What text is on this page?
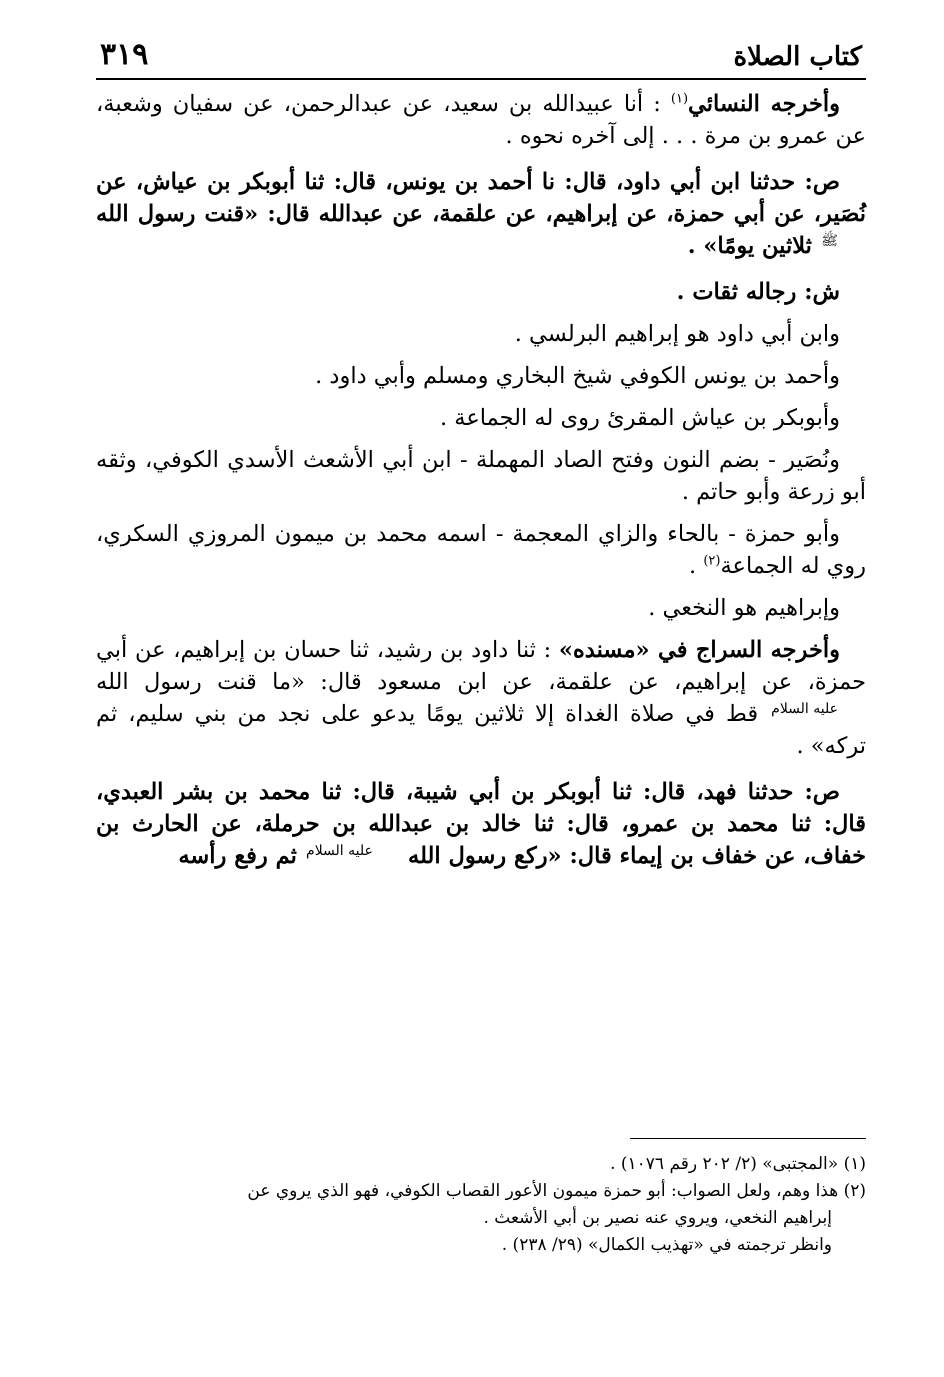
كتاب الصلاة
٣١٩

وأخرجه النسائي$^{(١)}$ : أنا عبيدالله بن سعيد، عن عبدالرحمن، عن سفيان وشعبة، عن عمرو بن مرة . . . إلى آخره نحوه .

ص: حدثنا ابن أبي داود، قال: نا أحمد بن يونس، قال: ثنا أبوبكر بن عياش، عن نُصَير، عن أبي حمزة، عن إبراهيم، عن علقمة، عن عبدالله قال: «قنت رسول الله ﷺ ثلاثين يومًا» .

ش: رجاله ثقات .

وابن أبي داود هو إبراهيم البرلسي .

وأحمد بن يونس الكوفي شيخ البخاري ومسلم وأبي داود .

وأبوبكر بن عياش المقرئ روى له الجماعة .

ونُصَير - بضم النون وفتح الصاد المهملة - ابن أبي الأشعث الأسدي الكوفي، وثقه أبو زرعة وأبو حاتم .

وأبو حمزة - بالحاء والزاي المعجمة - اسمه محمد بن ميمون المروزي السكري، روي له الجماعة$^{(٢)}$ .

وإبراهيم هو النخعي .

وأخرجه السراج في «مسنده» : ثنا داود بن رشيد، ثنا حسان بن إبراهيم، عن أبي حمزة، عن إبراهيم، عن علقمة، عن ابن مسعود قال: «ما قنت رسول الله عليه السلام قط في صلاة الغداة إلا ثلاثين يومًا يدعو على نجد من بني سليم، ثم تركه» .

ص: حدثنا فهد، قال: ثنا أبوبكر بن أبي شيبة، قال: ثنا محمد بن بشر العبدي، قال: ثنا محمد بن عمرو، قال: ثنا خالد بن عبدالله بن حرملة، عن الحارث بن خفاف، عن خفاف بن إيماء قال: «ركع رسول الله عليه السلام ثم رفع رأسه

(١) «المجتبى» (٢/ ٢٠٢ رقم ١٠٧٦) .

(٢) هذا وهم، ولعل الصواب: أبو حمزة ميمون الأعور القصاب الكوفي، فهو الذي يروي عن

إبراهيم النخعي، ويروي عنه نصير بن أبي الأشعث .

وانظر ترجمته في «تهذيب الكمال» (٢٩/ ٢٣٨) .
